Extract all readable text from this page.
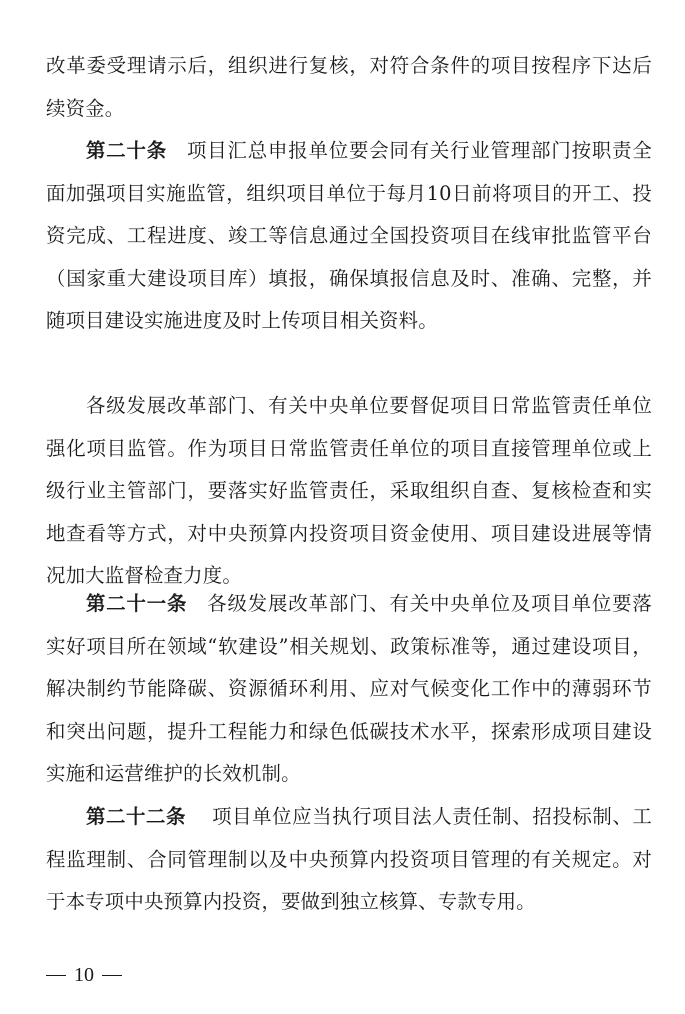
改革委受理请示后，组织进行复核，对符合条件的项目按程序下达后续资金。

第二十条 项目汇总申报单位要会同有关行业管理部门按职责全面加强项目实施监管，组织项目单位于每月10日前将项目的开工、投资完成、工程进度、竣工等信息通过全国投资项目在线审批监管平台（国家重大建设项目库）填报，确保填报信息及时、准确、完整，并随项目建设实施进度及时上传项目相关资料。

各级发展改革部门、有关中央单位要督促项目日常监管责任单位强化项目监管。作为项目日常监管责任单位的项目直接管理单位或上级行业主管部门，要落实好监管责任，采取组织自查、复核检查和实地查看等方式，对中央预算内投资项目资金使用、项目建设进展等情况加大监督检查力度。

第二十一条 各级发展改革部门、有关中央单位及项目单位要落实好项目所在领域“软建设”相关规划、政策标准等，通过建设项目，解决制约节能降碳、资源循环利用、应对气候变化工作中的薄弱环节和突出问题，提升工程能力和绿色低碳技术水平，探索形成项目建设实施和运营维护的长效机制。

第二十二条 项目单位应当执行项目法人责任制、招投标制、工程监理制、合同管理制以及中央预算内投资项目管理的有关规定。对于本专项中央预算内投资，要做到独立核算、专款专用。

10
